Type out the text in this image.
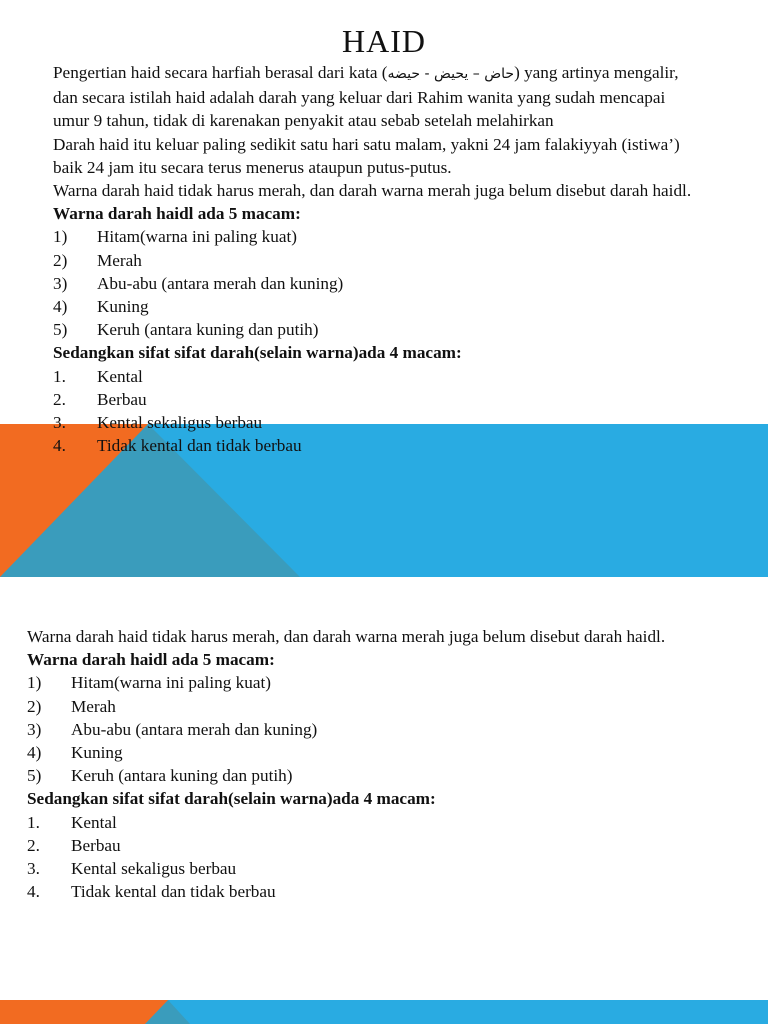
HAID

Pengertian haid secara harfiah berasal dari kata (حاض – يحيض - حيضه) yang artinya mengalir, dan secara istilah haid adalah darah yang keluar dari Rahim wanita yang sudah mencapai umur 9 tahun, tidak di karenakan penyakit atau sebab setelah melahirkan

Darah haid itu keluar paling sedikit satu hari satu malam, yakni 24 jam falakiyyah (istiwa’) baik 24 jam itu secara terus menerus ataupun putus-putus.

Warna darah haid tidak harus merah, dan darah warna merah juga belum disebut darah haidl. Warna darah haidl ada 5 macam:

1) Hitam(warna ini paling kuat)
2) Merah
3) Abu-abu (antara merah dan kuning)
4) Kuning
5) Keruh (antara kuning dan putih)

Sedangkan sifat sifat darah(selain warna)ada 4 macam:

1. Kental
2. Berbau
3. Kental sekaligus berbau
4. Tidak kental dan tidak berbau

Warna darah haid tidak harus merah, dan darah warna merah juga belum disebut darah haidl.

Warna darah haidl ada 5 macam:

1) Hitam(warna ini paling kuat)
2) Merah
3) Abu-abu (antara merah dan kuning)
4) Kuning
5) Keruh (antara kuning dan putih)

Sedangkan sifat sifat darah(selain warna)ada 4 macam:

1. Kental
2. Berbau
3. Kental sekaligus berbau
4. Tidak kental dan tidak berbau
